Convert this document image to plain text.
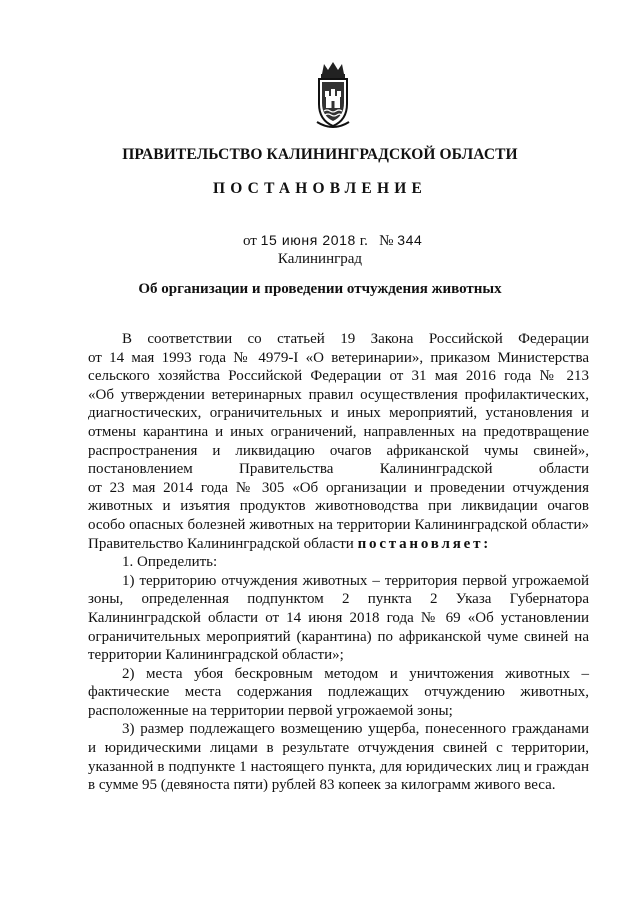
ПРАВИТЕЛЬСТВО КАЛИНИНГРАДСКОЙ ОБЛАСТИ
ПОСТАНОВЛЕНИЕ
от 15 июня 2018 г. № 344
Калининград
Об организации и проведении отчуждения животных
В соответствии со статьей 19 Закона Российской Федерации
от 14 мая 1993 года № 4979-I «О ветеринарии», приказом Министерства
сельского хозяйства Российской Федерации от 31 мая 2016 года № 213
«Об утверждении ветеринарных правил осуществления профилактических,
диагностических, ограничительных и иных мероприятий, установления и
отмены карантина и иных ограничений, направленных на предотвращение
распространения и ликвидацию очагов африканской чумы свиней»,
постановлением Правительства Калининградской области
от 23 мая 2014 года № 305 «Об организации и проведении отчуждения
животных и изъятия продуктов животноводства при ликвидации очагов
особо опасных болезней животных на территории Калининградской области»
Правительство Калининградской области постановляет:
1. Определить:
1) территорию отчуждения животных – территория первой угрожаемой
зоны, определенная подпунктом 2 пункта 2 Указа Губернатора
Калининградской области от 14 июня 2018 года № 69 «Об установлении
ограничительных мероприятий (карантина) по африканской чуме свиней на
территории Калининградской области»;
2) места убоя бескровным методом и уничтожения животных –
фактические места содержания подлежащих отчуждению животных,
расположенные на территории первой угрожаемой зоны;
3) размер подлежащего возмещению ущерба, понесенного гражданами
и юридическими лицами в результате отчуждения свиней с территории,
указанной в подпункте 1 настоящего пункта, для юридических лиц и граждан
в сумме 95 (девяноста пяти) рублей 83 копеек за килограмм живого веса.
